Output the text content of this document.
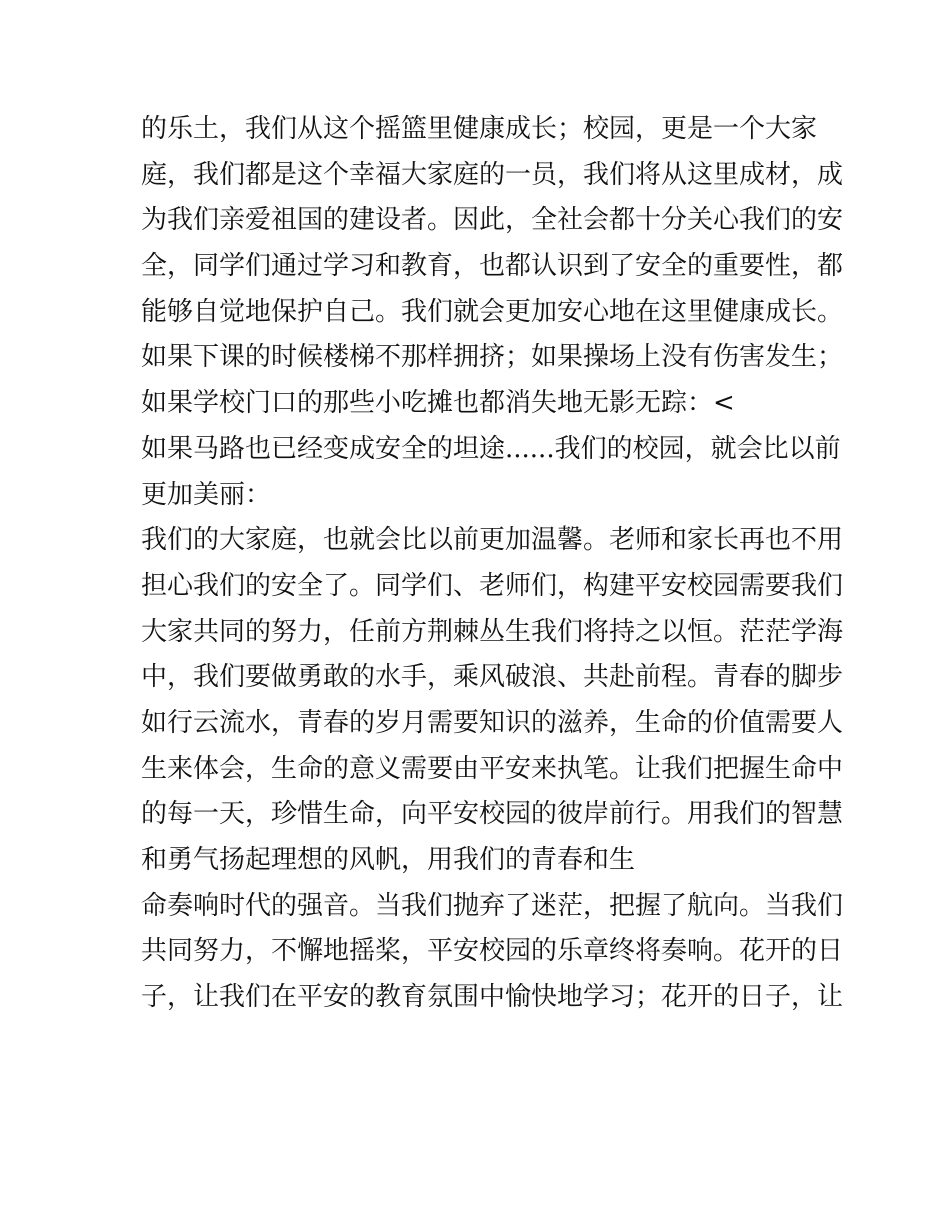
的乐土，我们从这个摇篮里健康成长；校园，更是一个大家
庭，我们都是这个幸福大家庭的一员，我们将从这里成材，成
为我们亲爱祖国的建设者。因此，全社会都十分关心我们的安
全，同学们通过学习和教育，也都认识到了安全的重要性，都
能够自觉地保护自己。我们就会更加安心地在这里健康成长。
如果下课的时候楼梯不那样拥挤；如果操场上没有伤害发生；
如果学校门口的那些小吃摊也都消失地无影无踪：<
如果马路也已经变成安全的坦途......我们的校园，就会比以前
更加美丽：
我们的大家庭，也就会比以前更加温馨。老师和家长再也不用
担心我们的安全了。同学们、老师们，构建平安校园需要我们
大家共同的努力，任前方荆棘丛生我们将持之以恒。茫茫学海
中，我们要做勇敢的水手，乘风破浪、共赴前程。青春的脚步
如行云流水，青春的岁月需要知识的滋养，生命的价值需要人
生来体会，生命的意义需要由平安来执笔。让我们把握生命中
的每一天，珍惜生命，向平安校园的彼岸前行。用我们的智慧
和勇气扬起理想的风帆，用我们的青春和生
命奏响时代的强音。当我们抛弃了迷茫，把握了航向。当我们
共同努力，不懈地摇桨，平安校园的乐章终将奏响。花开的日
子，让我们在平安的教育氛围中愉快地学习；花开的日子，让
